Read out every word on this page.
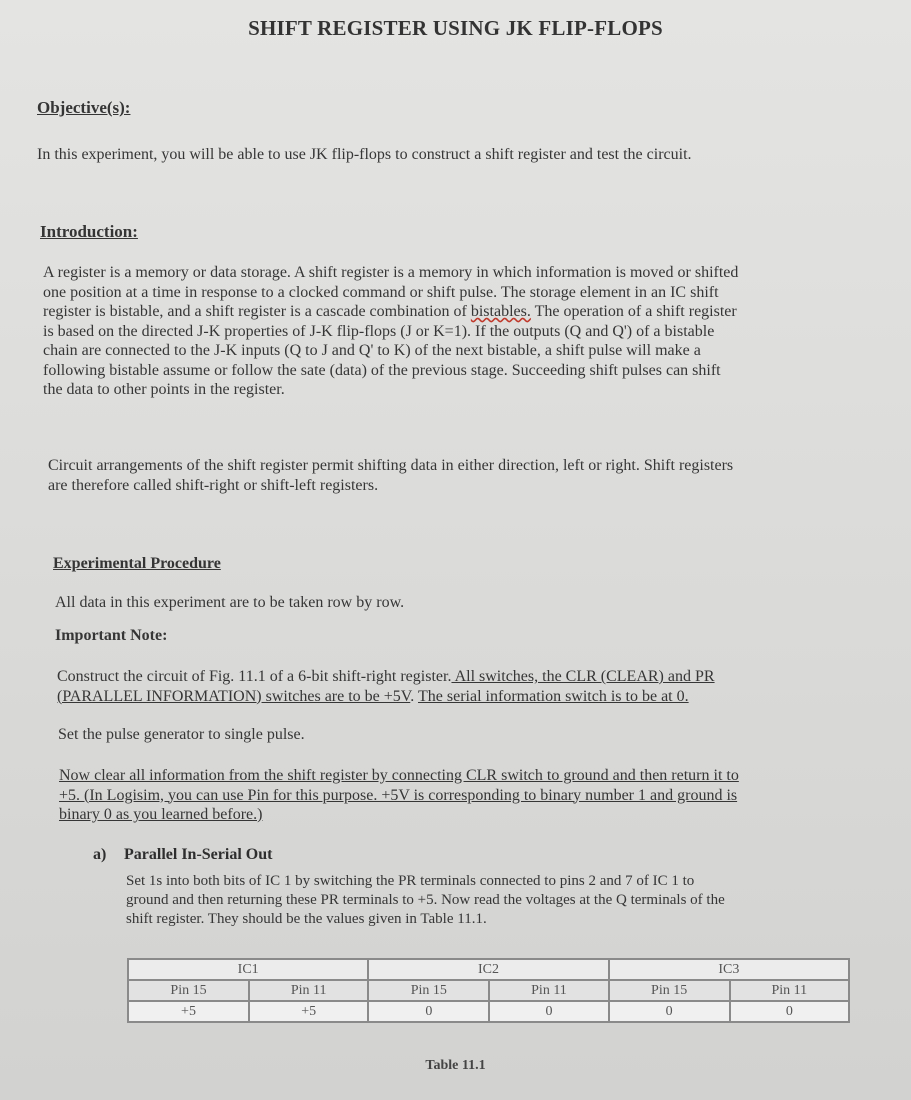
SHIFT REGISTER USING JK FLIP-FLOPS
Objective(s):
In this experiment, you will be able to use JK flip-flops to construct a shift register and test the circuit.
Introduction:
A register is a memory or data storage. A shift register is a memory in which information is moved or shifted
one position at a time in response to a clocked command or shift pulse. The storage element in an IC shift
register is bistable, and a shift register is a cascade combination of bistables. The operation of a shift register
is based on the directed J-K properties of J-K flip-flops (J or K=1). If the outputs (Q and Q') of a bistable
chain are connected to the J-K inputs (Q to J and Q' to K) of the next bistable, a shift pulse will make a
following bistable assume or follow the sate (data) of the previous stage. Succeeding shift pulses can shift
the data to other points in the register.
Circuit arrangements of the shift register permit shifting data in either direction, left or right. Shift registers
are therefore called shift-right or shift-left registers.
Experimental Procedure
All data in this experiment are to be taken row by row.
Important Note:
Construct the circuit of Fig. 11.1 of a 6-bit shift-right register. All switches, the CLR (CLEAR) and PR
(PARALLEL INFORMATION) switches are to be +5V. The serial information switch is to be at 0.
Set the pulse generator to single pulse.
Now clear all information from the shift register by connecting CLR switch to ground and then return it to
+5. (In Logisim, you can use Pin for this purpose. +5V is corresponding to binary number 1 and ground is
binary 0 as you learned before.)
a) Parallel In-Serial Out
Set 1s into both bits of IC 1 by switching the PR terminals connected to pins 2 and 7 of IC 1 to
ground and then returning these PR terminals to +5. Now read the voltages at the Q terminals of the
shift register. They should be the values given in Table 11.1.
IC1		IC2		IC3	
Pin 15	Pin 11	Pin 15	Pin 11	Pin 15	Pin 11
+5	+5	0	0	0	0
Table 11.1
